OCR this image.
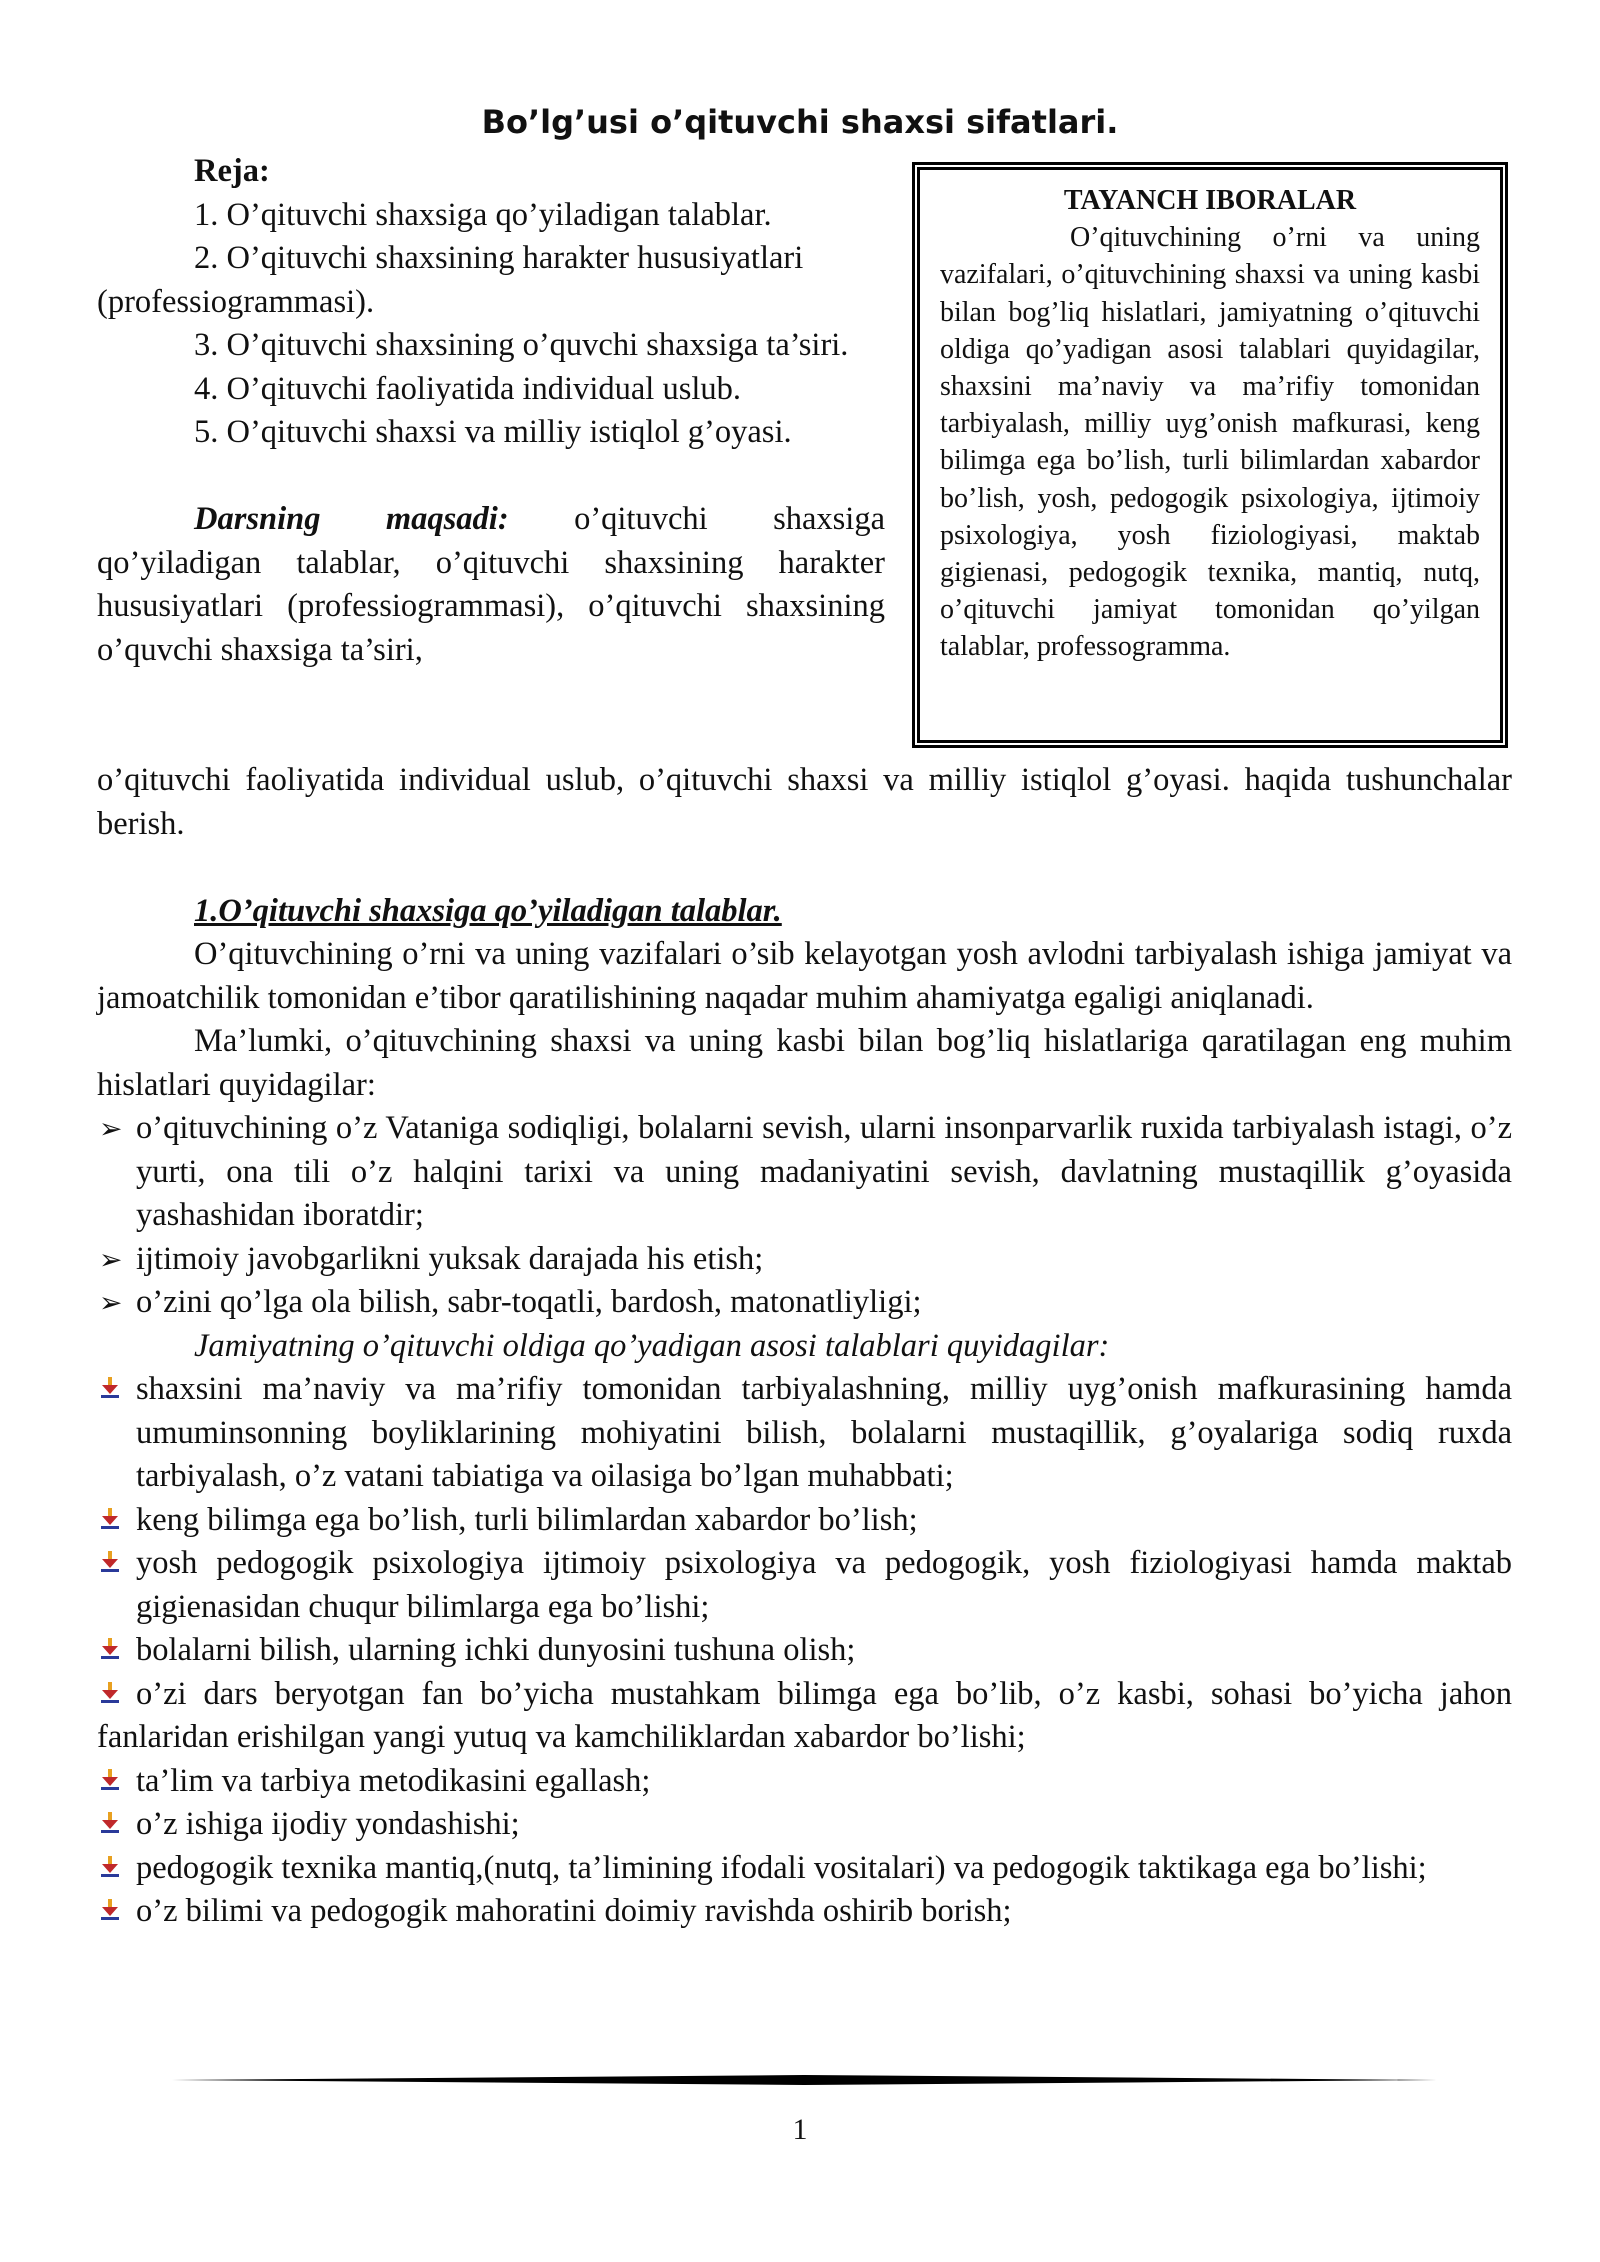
Bo’lg’usi o’qituvchi shaxsi sifatlari.

Reja:

1. O’qituvchi shaxsiga qo’yiladigan talablar.

2. O’qituvchi shaxsining harakter hususiyatlari (professiogrammasi).

3. O’qituvchi shaxsining o’quvchi shaxsiga ta’siri.

4. O’qituvchi faoliyatida individual uslub.

5. O’qituvchi shaxsi va milliy istiqlol g’oyasi.

Darsning maqsadi: o’qituvchi shaxsiga qo’yiladigan talablar, o’qituvchi shaxsining harakter hususiyatlari (professiogrammasi), o’qituvchi shaxsining o’quvchi shaxsiga ta’siri,

TAYANCH IBORALAR
O’qituvchining o’rni va uning vazifalari, o’qituvchining shaxsi va uning kasbi bilan bog’liq hislatlari, jamiyatning o’qituvchi oldiga qo’yadigan asosi talablari quyidagilar, shaxsini ma’naviy va ma’rifiy tomonidan tarbiyalash, milliy uyg’onish mafkurasi, keng bilimga ega bo’lish, turli bilimlardan xabardor bo’lish, yosh, pedogogik psixologiya, ijtimoiy psixologiya, yosh fiziologiyasi, maktab gigienasi, pedogogik texnika, mantiq, nutq, o’qituvchi jamiyat tomonidan qo’yilgan talablar, professogramma.

o’qituvchi faoliyatida individual uslub, o’qituvchi shaxsi va milliy istiqlol g’oyasi. haqida tushunchalar berish.

1.O’qituvchi shaxsiga qo’yiladigan talablar.

O’qituvchining o’rni va uning vazifalari o’sib kelayotgan yosh avlodni tarbiyalash ishiga jamiyat va jamoatchilik tomonidan e’tibor qaratilishining naqadar muhim ahamiyatga egaligi aniqlanadi.

Ma’lumki, o’qituvchining shaxsi va uning kasbi bilan bog’liq hislatlariga qaratilagan eng muhim hislatlari quyidagilar:

➢ o’qituvchining o’z Vataniga sodiqligi, bolalarni sevish, ularni insonparvarlik ruxida tarbiyalash istagi, o’z yurti, ona tili o’z halqini tarixi va uning madaniyatini sevish, davlatning mustaqillik g’oyasida yashashidan iboratdir;
➢ ijtimoiy javobgarlikni yuksak darajada his etish;
➢ o’zini qo’lga ola bilish, sabr-toqatli, bardosh, matonatliyligi;

Jamiyatning o’qituvchi oldiga qo’yadigan asosi talablari quyidagilar:

shaxsini ma’naviy va ma’rifiy tomonidan tarbiyalashning, milliy uyg’onish mafkurasining hamda umuminsonning boyliklarining mohiyatini bilish, bolalarni mustaqillik, g’oyalariga sodiq ruxda tarbiyalash, o’z vatani tabiatiga va oilasiga bo’lgan muhabbati;
keng bilimga ega bo’lish, turli bilimlardan xabardor bo’lish;
yosh pedogogik psixologiya ijtimoiy psixologiya va pedogogik, yosh fiziologiyasi hamda maktab gigienasidan chuqur bilimlarga ega bo’lishi;
bolalarni bilish, ularning ichki dunyosini tushuna olish;
o’zi dars beryotgan fan bo’yicha mustahkam bilimga ega bo’lib, o’z kasbi, sohasi bo’yicha jahon fanlaridan erishilgan yangi yutuq va kamchiliklardan xabardor bo’lishi;
ta’lim va tarbiya metodikasini egallash;
o’z ishiga ijodiy yondashishi;
pedogogik texnika mantiq,(nutq, ta’limining ifodali vositalari) va pedogogik taktikaga ega bo’lishi;
o’z bilimi va pedogogik mahoratini doimiy ravishda oshirib borish;
1
